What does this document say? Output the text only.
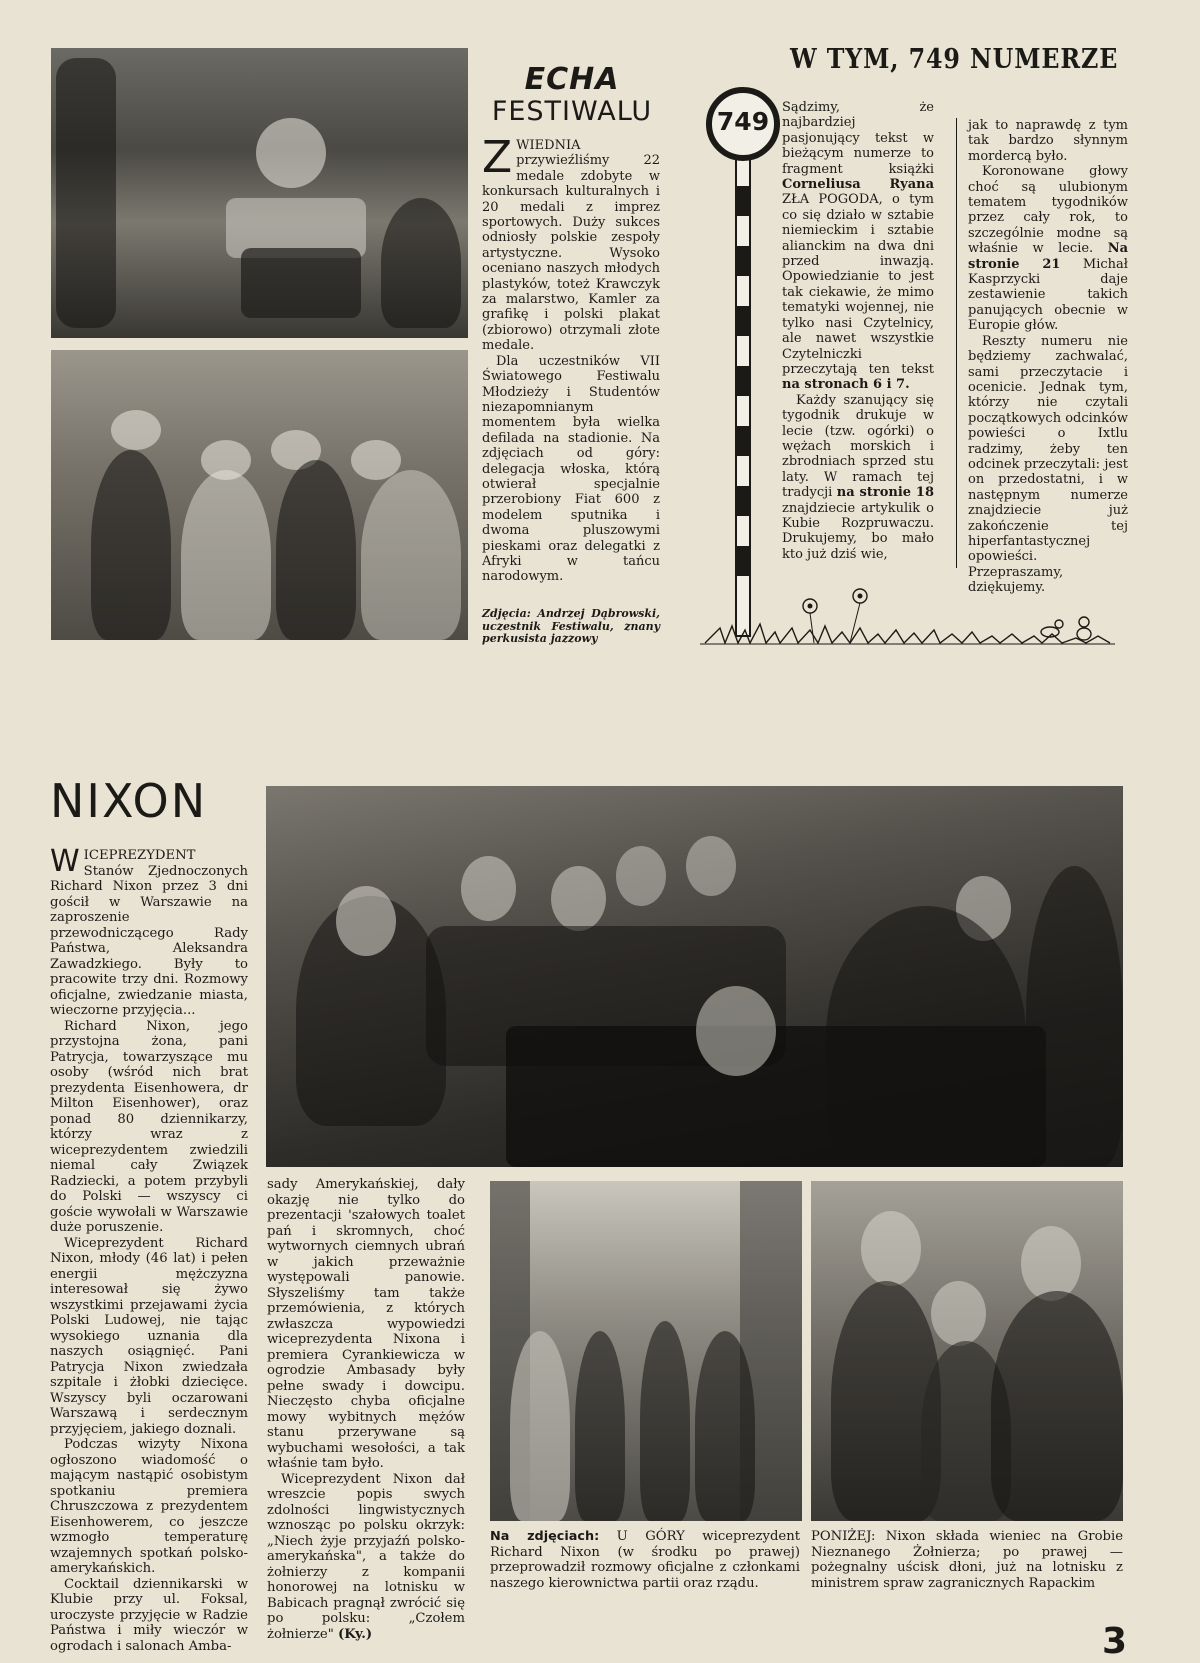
ECHA
FESTIWALU

ZWIEDNIA przywieźliśmy 22 medale zdobyte w konkursach kulturalnych i 20 medali z imprez sportowych. Duży sukces odniosły polskie zespoły artystyczne. Wysoko oceniano naszych młodych plastyków, toteż Krawczyk za malarstwo, Kamler za grafikę i polski plakat (zbiorowo) otrzymali złote medale.

Dla uczestników VII Światowego Festiwalu Młodzieży i Studentów niezapomnianym momentem była wielka defilada na stadionie. Na zdjęciach od góry: delegacja włoska, którą otwierał specjalnie przerobiony Fiat 600 z modelem sputnika i dwoma pluszowymi pieskami oraz delegatki z Afryki w tańcu narodowym.

Zdjęcia: Andrzej Dąbrowski, uczestnik Festiwalu, znany perkusista jazzowy
W TYM, 749 NUMERZE
749 Sądzimy, że najbardziej pasjonujący tekst w bieżącym numerze to fragment książki Corneliusa Ryana ZŁA POGODA, o tym co się działo w sztabie niemieckim i sztabie alianckim na dwa dni przed inwazją. Opowiedzianie to jest tak ciekawie, że mimo tematyki wojennej, nie tylko nasi Czytelnicy, ale nawet wszystkie Czytelniczki przeczytają ten tekst na stronach 6 i 7.

Każdy szanujący się tygodnik drukuje w lecie (tzw. ogórki) o wężach morskich i zbrodniach sprzed stu laty. W ramach tej tradycji na stronie 18 znajdziecie artykulik o Kubie Rozpruwaczu. Drukujemy, bo mało kto już dziś wie,

jak to naprawdę z tym tak bardzo słynnym mordercą było.

Koronowane głowy choć są ulubionym tematem tygodników przez cały rok, to szczególnie modne są właśnie w lecie. Na stronie 21 Michał Kasprzycki daje zestawienie takich panujących obecnie w Europie głów.

Reszty numeru nie będziemy zachwalać, sami przeczytacie i ocenicie. Jednak tym, którzy nie czytali początkowych odcinków powieści o Ixtlu radzimy, żeby ten odcinek przeczytali: jest on przedostatni, i w następnym numerze znajdziecie już zakończenie tej hiperfantastycznej opowieści. Przepraszamy, dziękujemy.

NIXON

WICEPREZYDENT Stanów Zjednoczonych Richard Nixon przez 3 dni gościł w Warszawie na zaproszenie przewodniczącego Rady Państwa, Aleksandra Zawadzkiego. Były to pracowite trzy dni. Rozmowy oficjalne, zwiedzanie miasta, wieczorne przyjęcia...

Richard Nixon, jego przystojna żona, pani Patrycja, towarzyszące mu osoby (wśród nich brat prezydenta Eisenhowera, dr Milton Eisenhower), oraz ponad 80 dziennikarzy, którzy wraz z wiceprezydentem zwiedzili niemal cały Związek Radziecki, a potem przybyli do Polski — wszyscy ci goście wywołali w Warszawie duże poruszenie.

Wiceprezydent Richard Nixon, młody (46 lat) i pełen energii mężczyzna interesował się żywo wszystkimi przejawami życia Polski Ludowej, nie tając wysokiego uznania dla naszych osiągnięć. Pani Patrycja Nixon zwiedzała szpitale i żłobki dziecięce. Wszyscy byli oczarowani Warszawą i serdecznym przyjęciem, jakiego doznali.

Podczas wizyty Nixona ogłoszono wiadomość o mającym nastąpić osobistym spotkaniu premiera Chruszczowa z prezydentem Eisenhowerem, co jeszcze wzmogło temperaturę wzajemnych spotkań polsko-amerykańskich.

Cocktail dziennikarski w Klubie przy ul. Foksal, uroczyste przyjęcie w Radzie Państwa i miły wieczór w ogrodach i salonach Amba-

sady Amerykańskiej, dały okazję nie tylko do prezentacji 'szałowych toalet pań i skromnych, choć wytwornych ciemnych ubrań w jakich przeważnie występowali panowie. Słyszeliśmy tam także przemówienia, z których zwłaszcza wypowiedzi wiceprezydenta Nixona i premiera Cyrankiewicza w ogrodzie Ambasady były pełne swady i dowcipu. Nieczęsto chyba oficjalne mowy wybitnych mężów stanu przerywane są wybuchami wesołości, a tak właśnie tam było.

Wiceprezydent Nixon dał wreszcie popis swych zdolności lingwistycznych wznosząc po polsku okrzyk: „Niech żyje przyjaźń polsko-amerykańska", a także do żołnierzy z kompanii honorowej na lotnisku w Babicach pragnął zwrócić się po polsku: „Czołem żołnierze" (Ky.)

Na zdjęciach: U GÓRY wiceprezydent Richard Nixon (w środku po prawej) przeprowadził rozmowy oficjalne z członkami naszego kierownictwa partii oraz rządu.
PONIŻEJ: Nixon składa wieniec na Grobie Nieznanego Żołnierza; po prawej — pożegnalny uścisk dłoni, już na lotnisku z ministrem spraw zagranicznych Rapackim
3
